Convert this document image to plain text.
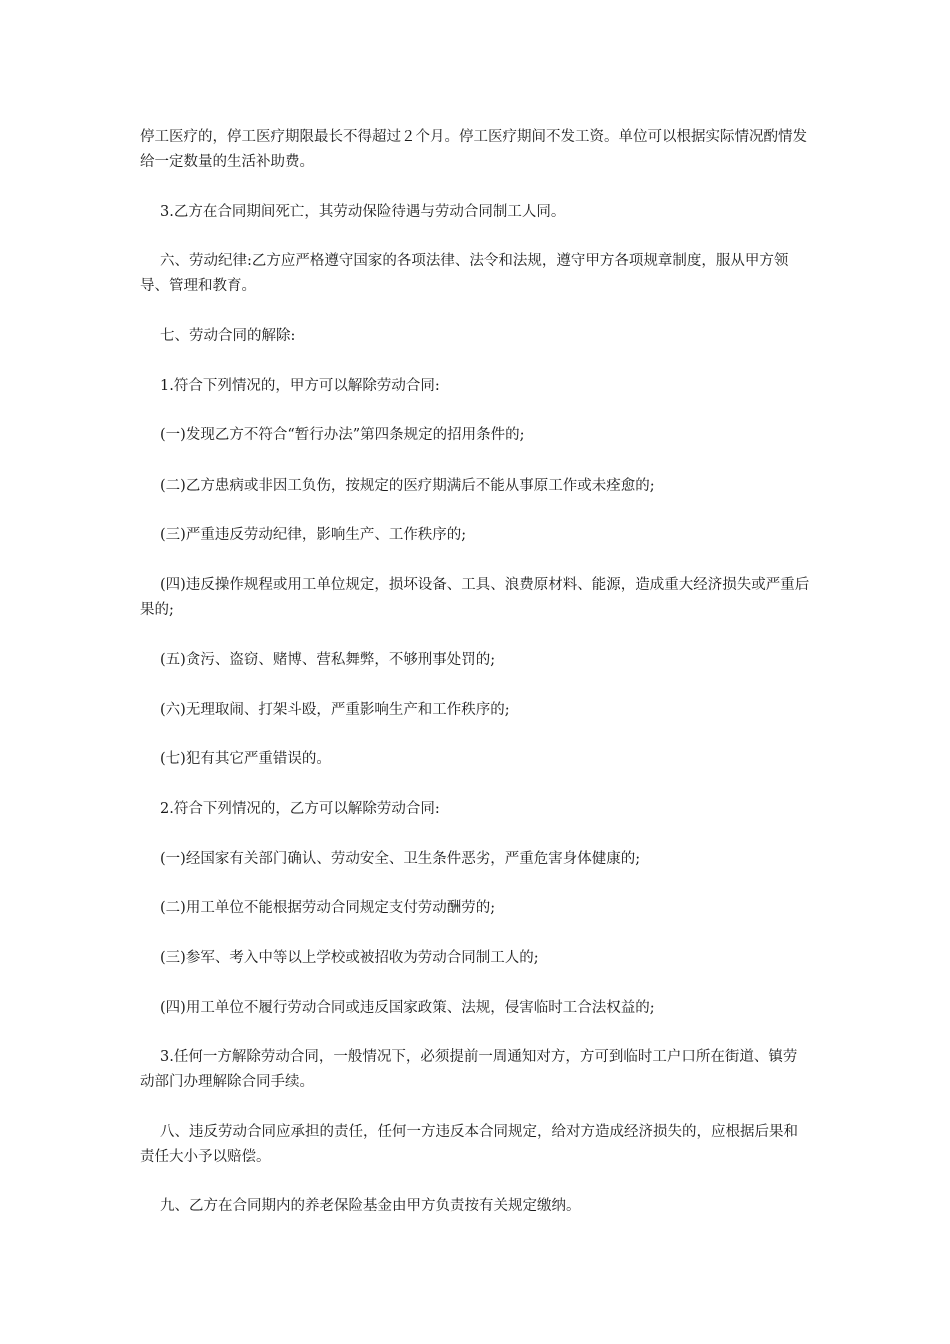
停工医疗的，停工医疗期限最长不得超过２个月。停工医疗期间不发工资。单位可以根据实际情况酌情发给一定数量的生活补助费。

3.乙方在合同期间死亡，其劳动保险待遇与劳动合同制工人同。

六、劳动纪律:乙方应严格遵守国家的各项法律、法令和法规，遵守甲方各项规章制度，服从甲方领导、管理和教育。

七、劳动合同的解除:

1.符合下列情况的，甲方可以解除劳动合同:

(一)发现乙方不符合“暂行办法”第四条规定的招用条件的;

(二)乙方患病或非因工负伤，按规定的医疗期满后不能从事原工作或未痊愈的;

(三)严重违反劳动纪律，影响生产、工作秩序的;

(四)违反操作规程或用工单位规定，损坏设备、工具、浪费原材料、能源，造成重大经济损失或严重后果的;

(五)贪污、盗窃、赌博、营私舞弊，不够刑事处罚的;

(六)无理取闹、打架斗殴，严重影响生产和工作秩序的;

(七)犯有其它严重错误的。

2.符合下列情况的，乙方可以解除劳动合同:

(一)经国家有关部门确认、劳动安全、卫生条件恶劣，严重危害身体健康的;

(二)用工单位不能根据劳动合同规定支付劳动酬劳的;

(三)参军、考入中等以上学校或被招收为劳动合同制工人的;

(四)用工单位不履行劳动合同或违反国家政策、法规，侵害临时工合法权益的;

3.任何一方解除劳动合同，一般情况下，必须提前一周通知对方，方可到临时工户口所在街道、镇劳动部门办理解除合同手续。

八、违反劳动合同应承担的责任，任何一方违反本合同规定，给对方造成经济损失的，应根据后果和责任大小予以赔偿。

九、乙方在合同期内的养老保险基金由甲方负责按有关规定缴纳。
